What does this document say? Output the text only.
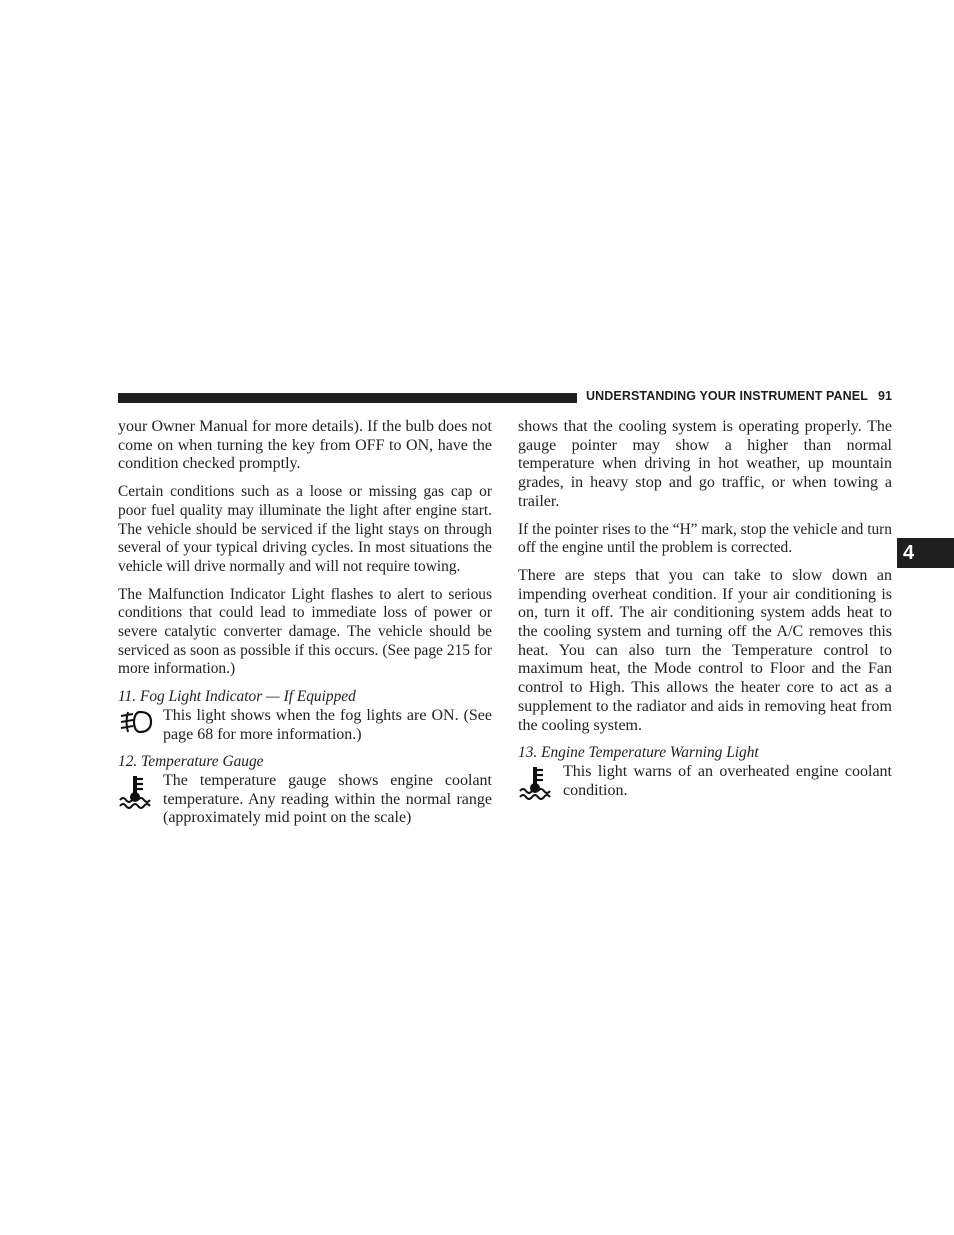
UNDERSTANDING YOUR INSTRUMENT PANEL 91
4

your Owner Manual for more details). If the bulb does not come on when turning the key from OFF to ON, have the condition checked promptly.

Certain conditions such as a loose or missing gas cap or poor fuel quality may illuminate the light after engine start. The vehicle should be serviced if the light stays on through several of your typical driving cycles. In most situations the vehicle will drive normally and will not require towing.

The Malfunction Indicator Light flashes to alert to serious conditions that could lead to immediate loss of power or severe catalytic converter damage. The vehicle should be serviced as soon as possible if this occurs. (See page 215 for more information.)

11. Fog Light Indicator — If Equipped

This light shows when the fog lights are ON. (See page 68 for more information.)

12. Temperature Gauge

The temperature gauge shows engine coolant temperature. Any reading within the normal range (approximately mid point on the scale)

shows that the cooling system is operating properly. The gauge pointer may show a higher than normal temperature when driving in hot weather, up mountain grades, in heavy stop and go traffic, or when towing a trailer.

If the pointer rises to the “H” mark, stop the vehicle and turn off the engine until the problem is corrected.

There are steps that you can take to slow down an impending overheat condition. If your air conditioning is on, turn it off. The air conditioning system adds heat to the cooling system and turning off the A/C removes this heat. You can also turn the Temperature control to maximum heat, the Mode control to Floor and the Fan control to High. This allows the heater core to act as a supplement to the radiator and aids in removing heat from the cooling system.

13. Engine Temperature Warning Light

This light warns of an overheated engine coolant condition.
